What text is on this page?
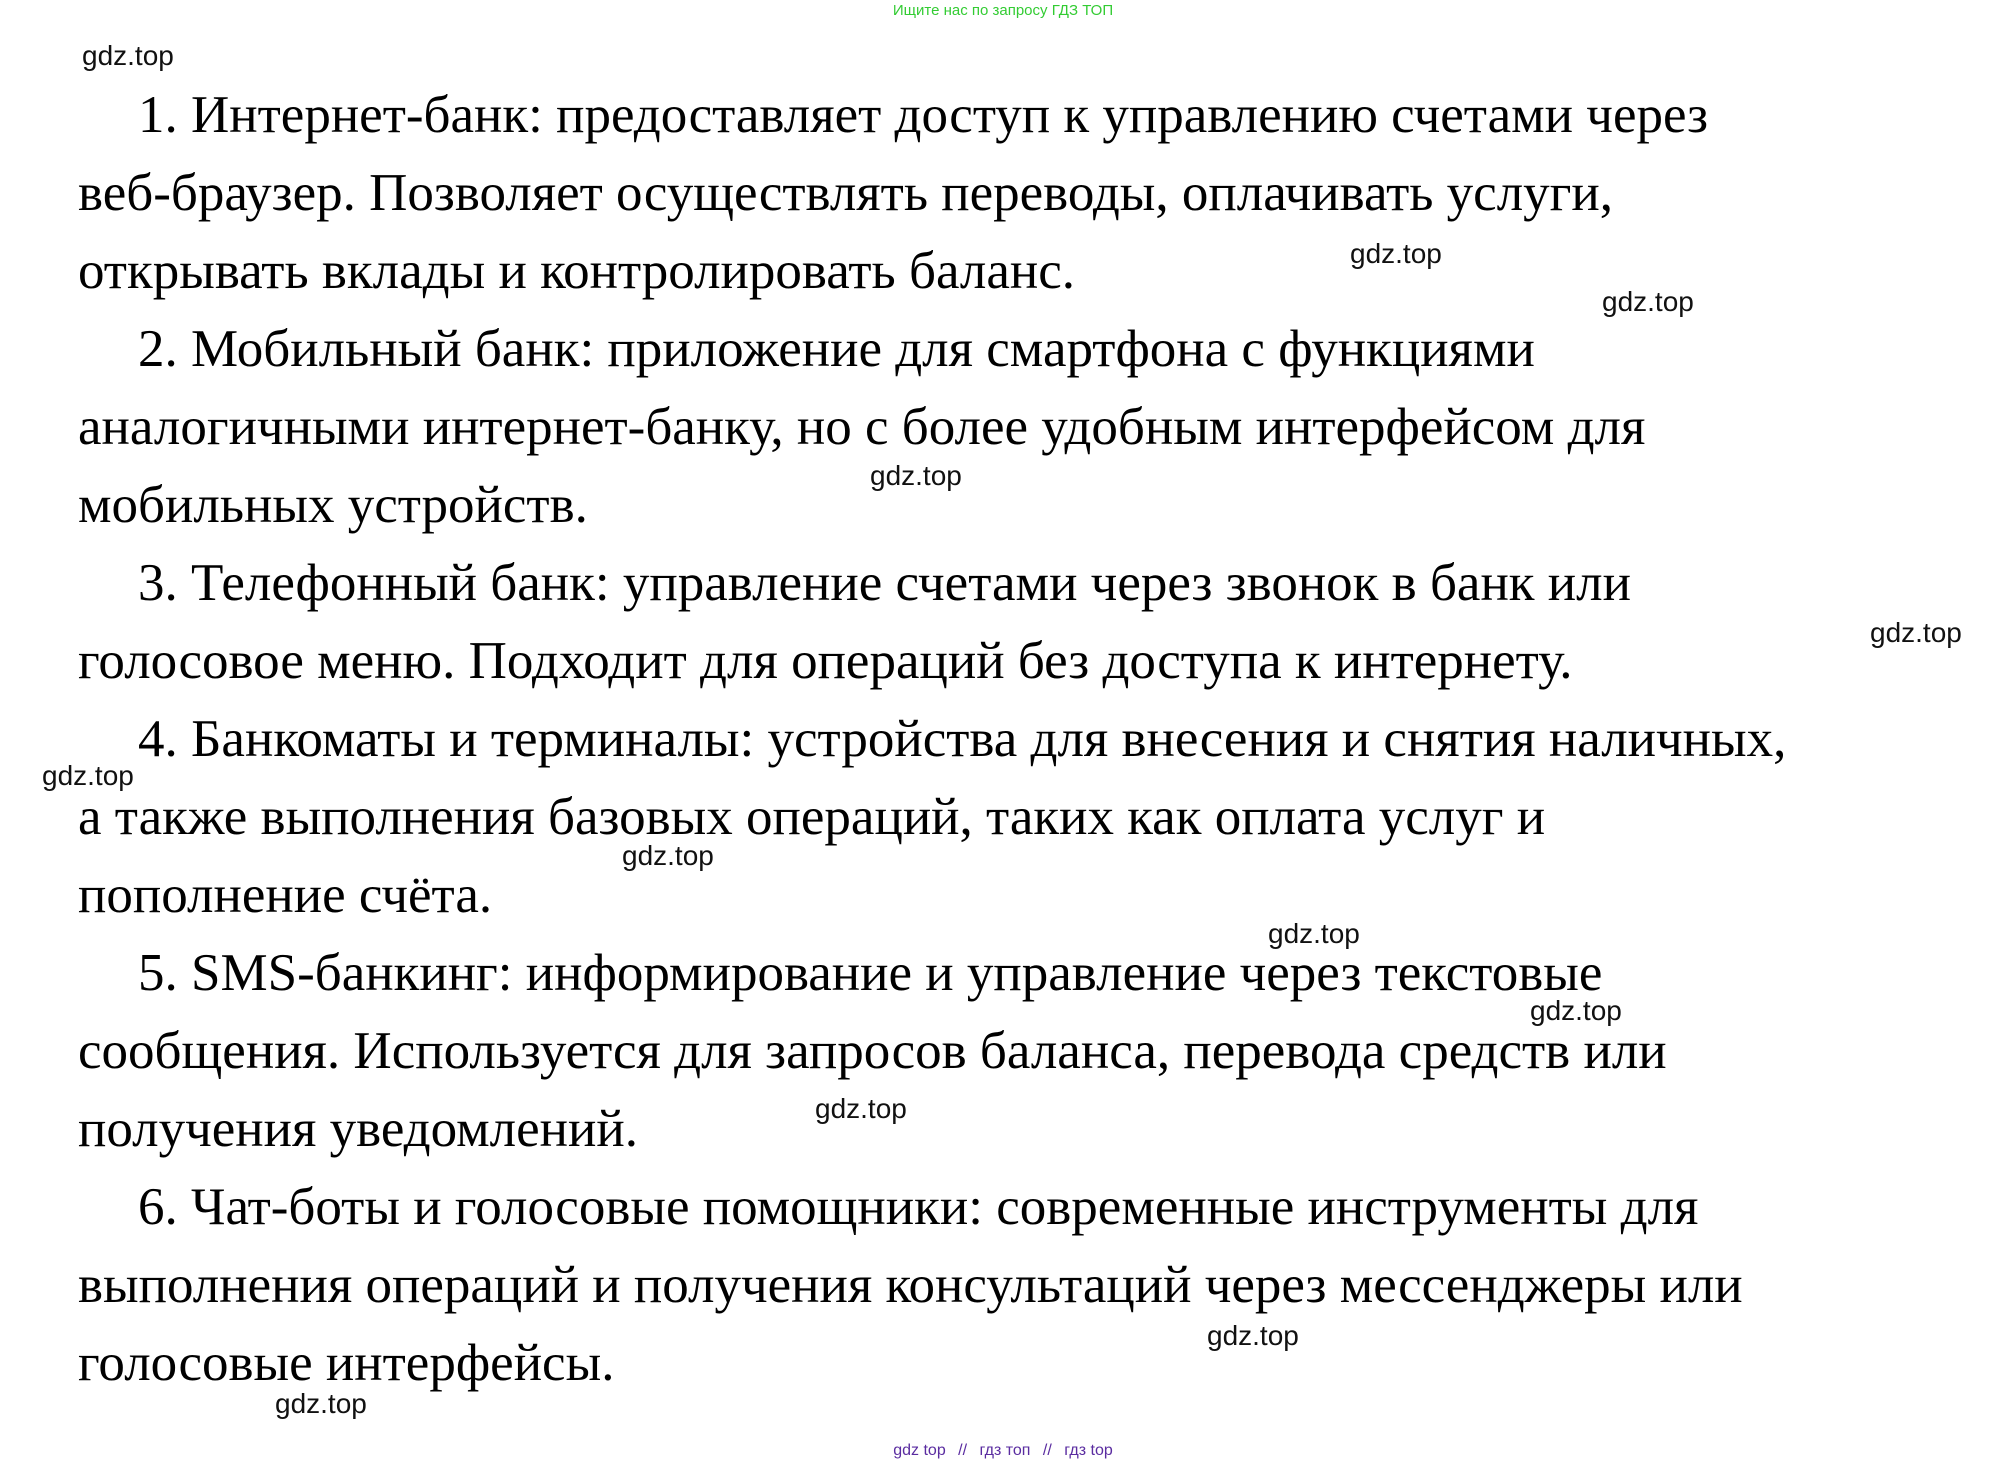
Ищите нас по запросу ГДЗ ТОП

1. Интернет-банк: предоставляет доступ к управлению счетами через
веб-браузер. Позволяет осуществлять переводы, оплачивать услуги,
открывать вклады и контролировать баланс.

2. Мобильный банк: приложение для смартфона с функциями
аналогичными интернет-банку, но с более удобным интерфейсом для
мобильных устройств.

3. Телефонный банк: управление счетами через звонок в банк или
голосовое меню. Подходит для операций без доступа к интернету.

4. Банкоматы и терминалы: устройства для внесения и снятия наличных,
а также выполнения базовых операций, таких как оплата услуг и
пополнение счёта.

5. SMS-банкинг: информирование и управление через текстовые
сообщения. Используется для запросов баланса, перевода средств или
получения уведомлений.

6. Чат-боты и голосовые помощники: современные инструменты для
выполнения операций и получения консультаций через мессенджеры или
голосовые интерфейсы.

gdz.top
gdz.top
gdz.top
gdz.top
gdz.top
gdz.top
gdz.top
gdz.top
gdz.top
gdz.top
gdz.top
gdz.top
gdz top // гдз топ // гдз top
